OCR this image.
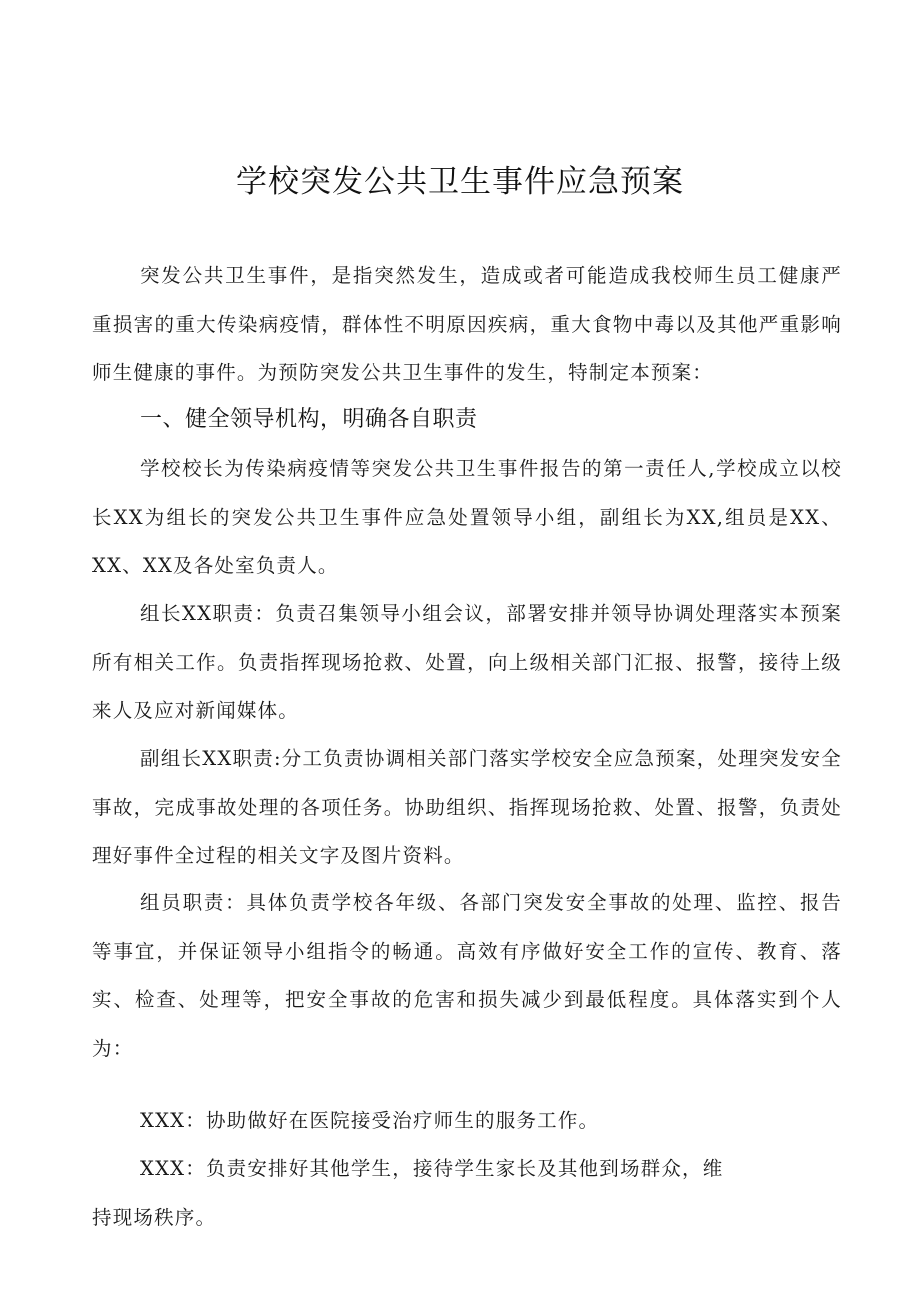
学校突发公共卫生事件应急预案

突发公共卫生事件，是指突然发生，造成或者可能造成我校师生员工健康严重损害的重大传染病疫情，群体性不明原因疾病，重大食物中毒以及其他严重影响师生健康的事件。为预防突发公共卫生事件的发生，特制定本预案：

一、健全领导机构，明确各自职责

学校校长为传染病疫情等突发公共卫生事件报告的第一责任人,学校成立以校长XX为组长的突发公共卫生事件应急处置领导小组，副组长为XX,组员是XX、XX、XX及各处室负责人。

组长XX职责：负责召集领导小组会议，部署安排并领导协调处理落实本预案所有相关工作。负责指挥现场抢救、处置，向上级相关部门汇报、报警，接待上级来人及应对新闻媒体。

副组长XX职责:分工负责协调相关部门落实学校安全应急预案，处理突发安全事故，完成事故处理的各项任务。协助组织、指挥现场抢救、处置、报警，负责处理好事件全过程的相关文字及图片资料。

组员职责：具体负责学校各年级、各部门突发安全事故的处理、监控、报告等事宜，并保证领导小组指令的畅通。高效有序做好安全工作的宣传、教育、落实、检查、处理等，把安全事故的危害和损失减少到最低程度。具体落实到个人为：

XXX：协助做好在医院接受治疗师生的服务工作。
XXX：负责安排好其他学生，接待学生家长及其他到场群众，维
持现场秩序。
